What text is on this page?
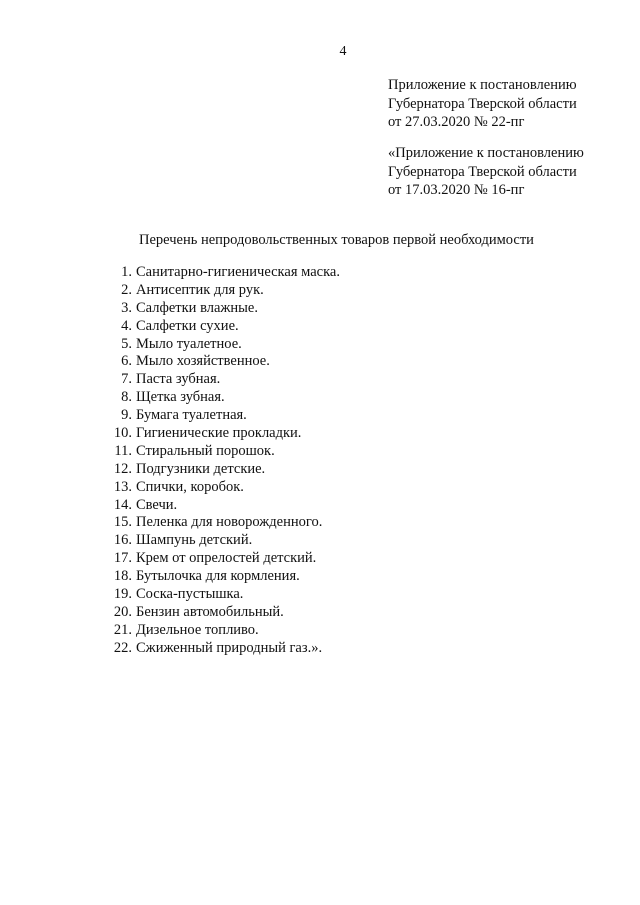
4
Приложение к постановлению
Губернатора Тверской области
от 27.03.2020 № 22-пг
«Приложение к постановлению
Губернатора Тверской области
от 17.03.2020 № 16-пг
Перечень непродовольственных товаров первой необходимости
1. Санитарно-гигиеническая маска.
2. Антисептик для рук.
3. Салфетки влажные.
4. Салфетки сухие.
5. Мыло туалетное.
6. Мыло хозяйственное.
7. Паста зубная.
8. Щетка зубная.
9. Бумага туалетная.
10. Гигиенические прокладки.
11. Стиральный порошок.
12. Подгузники детские.
13. Спички, коробок.
14. Свечи.
15. Пеленка для новорожденного.
16. Шампунь детский.
17. Крем от опрелостей детский.
18. Бутылочка для кормления.
19. Соска-пустышка.
20. Бензин автомобильный.
21. Дизельное топливо.
22. Сжиженный природный газ.».
